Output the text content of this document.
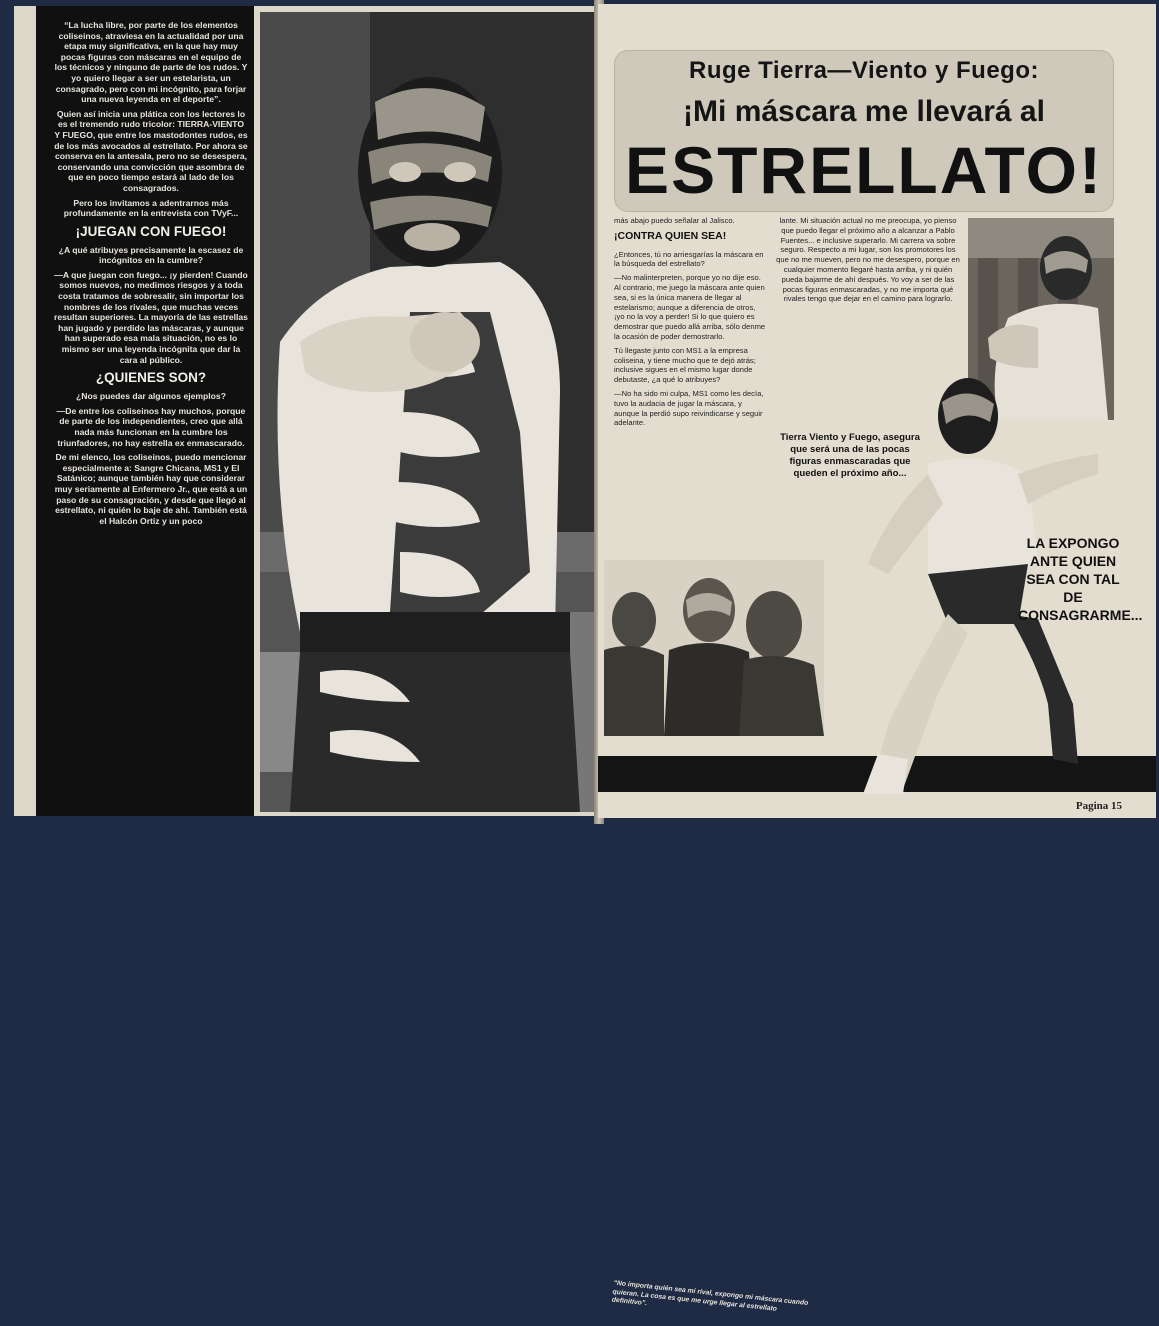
“La lucha libre, por parte de los elementos coliseinos, atraviesa en la actualidad por una etapa muy significativa, en la que hay muy pocas figuras con máscaras en el equipo de los técnicos y ninguno de parte de los rudos. Y yo quiero llegar a ser un estelarista, un consagrado, pero con mi incógnito, para forjar una nueva leyenda en el deporte”.

Quien así inicia una plática con los lectores lo es el tremendo rudo tricolor: TIERRA-VIENTO Y FUEGO, que entre los mastodontes rudos, es de los más avocados al estrellato. Por ahora se conserva en la antesala, pero no se desespera, conservando una convicción que asombra de que en poco tiempo estará al lado de los consagrados.

Pero los invitamos a adentrarnos más profundamente en la entrevista con TVyF...

¡JUEGAN CON FUEGO!

¿A qué atribuyes precisamente la escasez de incógnitos en la cumbre?

—A que juegan con fuego... ¡y pierden! Cuando somos nuevos, no medimos riesgos y a toda costa tratamos de sobresalir, sin importar los nombres de los rivales, que muchas veces resultan superiores. La mayoría de las estrellas han jugado y perdido las máscaras, y aunque han superado esa mala situación, no es lo mismo ser una leyenda incógnita que dar la cara al público.

¿QUIENES SON?

¿Nos puedes dar algunos ejemplos?

—De entre los coliseinos hay muchos, porque de parte de los independientes, creo que allá nada más funcionan en la cumbre los triunfadores, no hay estrella ex enmascarado.

De mi elenco, los coliseinos, puedo mencionar especialmente a: Sangre Chicana, MS1 y El Satánico; aunque también hay que considerar muy seriamente al Enfermero Jr., que está a un paso de su consagración, y desde que llegó al estrellato, ni quién lo baje de ahí. También está el Halcón Ortiz y un poco

Ruge Tierra—Viento y Fuego:
¡Mi máscara me llevará al
ESTRELLATO!

más abajo puedo señalar al Jalisco.

¡CONTRA QUIEN SEA!

¿Entonces, tú no arriesgarías la máscara en la búsqueda del estrellato?

—No malinterpreten, porque yo no dije eso. Al contrario, me juego la máscara ante quien sea, si es la única manera de llegar al estelarismo; aunque a diferencia de otros, ¡yo no la voy a perder! Si lo que quiero es demostrar que puedo allá arriba, sólo denme la ocasión de poder demostrarlo.

Tú llegaste junto con MS1 a la empresa coliseina, y tiene mucho que te dejó atrás; inclusive sigues en el mismo lugar donde debutaste, ¿a qué lo atribuyes?

—No ha sido mi culpa, MS1 como les decía, tuvo la audacia de jugar la máscara, y aunque la perdió supo reivindicarse y seguir adelante.

lante. Mi situación actual no me preocupa, yo pienso que puedo llegar el próximo año a alcanzar a Pablo Fuentes... e inclusive superarlo. Mi carrera va sobre seguro. Respecto a mi lugar, son los promotores los que no me mueven, pero no me desespero, porque en cualquier momento llegaré hasta arriba, y ni quién pueda bajarme de ahí después. Yo voy a ser de las pocas figuras enmascaradas, y no me importa qué rivales tengo que dejar en el camino para lograrlo.

Tierra Viento y Fuego, asegura que será una de las pocas figuras enmascaradas que queden el próximo año...
“No importa quién sea mi rival, expongo mi máscara cuando quieran. La cosa es que me urge llegar al estrellato definitivo”.
LA EXPONGO ANTE QUIEN SEA CON TAL DE CONSAGRARME...
Pagina 15
